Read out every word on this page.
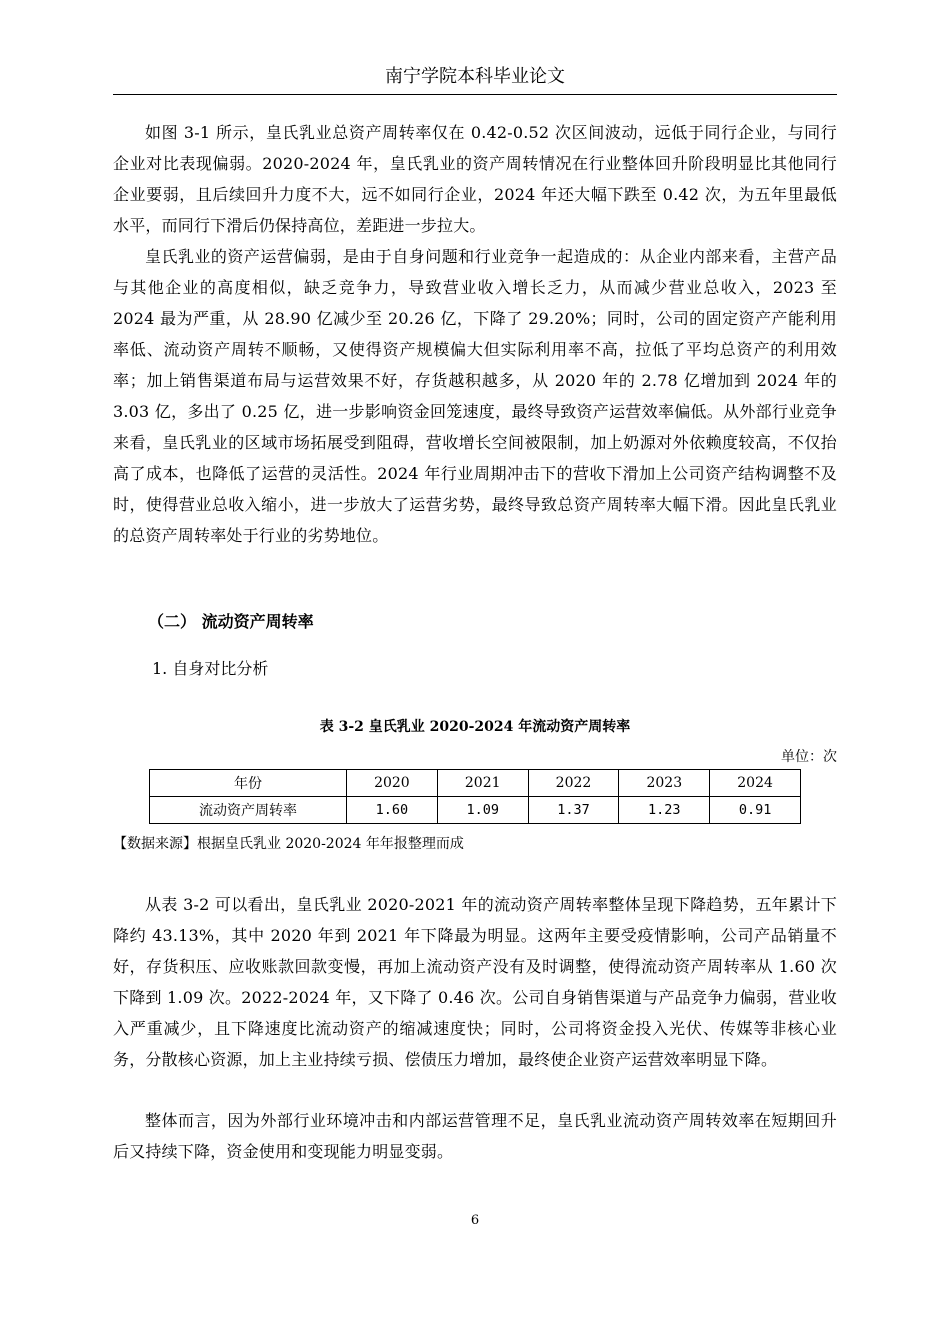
南宁学院本科毕业论文

如图 3-1 所示，皇氏乳业总资产周转率仅在 0.42-0.52 次区间波动，远低于同行企业，与同行企业对比表现偏弱。2020-2024 年，皇氏乳业的资产周转情况在行业整体回升阶段明显比其他同行企业要弱，且后续回升力度不大，远不如同行企业，2024 年还大幅下跌至 0.42 次，为五年里最低水平，而同行下滑后仍保持高位，差距进一步拉大。

皇氏乳业的资产运营偏弱，是由于自身问题和行业竞争一起造成的：从企业内部来看，主营产品与其他企业的高度相似，缺乏竞争力，导致营业收入增长乏力，从而减少营业总收入，2023 至 2024 最为严重，从 28.90 亿减少至 20.26 亿，下降了 29.20%；同时，公司的固定资产产能利用率低、流动资产周转不顺畅，又使得资产规模偏大但实际利用率不高，拉低了平均总资产的利用效率；加上销售渠道布局与运营效果不好，存货越积越多，从 2020 年的 2.78 亿增加到 2024 年的 3.03 亿，多出了 0.25 亿，进一步影响资金回笼速度，最终导致资产运营效率偏低。从外部行业竞争来看，皇氏乳业的区域市场拓展受到阻碍，营收增长空间被限制，加上奶源对外依赖度较高，不仅抬高了成本，也降低了运营的灵活性。2024 年行业周期冲击下的营收下滑加上公司资产结构调整不及时，使得营业总收入缩小，进一步放大了运营劣势，最终导致总资产周转率大幅下滑。因此皇氏乳业的总资产周转率处于行业的劣势地位。

（二） 流动资产周转率
1. 自身对比分析
表 3-2 皇氏乳业 2020-2024 年流动资产周转率
单位：次
年份	2020	2021	2022	2023	2024
流动资产周转率	1.60	1.09	1.37	1.23	0.91
【数据来源】根据皇氏乳业 2020-2024 年年报整理而成

从表 3-2 可以看出，皇氏乳业 2020-2021 年的流动资产周转率整体呈现下降趋势，五年累计下降约 43.13%，其中 2020 年到 2021 年下降最为明显。这两年主要受疫情影响，公司产品销量不好，存货积压、应收账款回款变慢，再加上流动资产没有及时调整，使得流动资产周转率从 1.60 次下降到 1.09 次。2022-2024 年，又下降了 0.46 次。公司自身销售渠道与产品竞争力偏弱，营业收入严重减少，且下降速度比流动资产的缩减速度快；同时，公司将资金投入光伏、传媒等非核心业务，分散核心资源，加上主业持续亏损、偿债压力增加，最终使企业资产运营效率明显下降。

整体而言，因为外部行业环境冲击和内部运营管理不足，皇氏乳业流动资产周转效率在短期回升后又持续下降，资金使用和变现能力明显变弱。

6
